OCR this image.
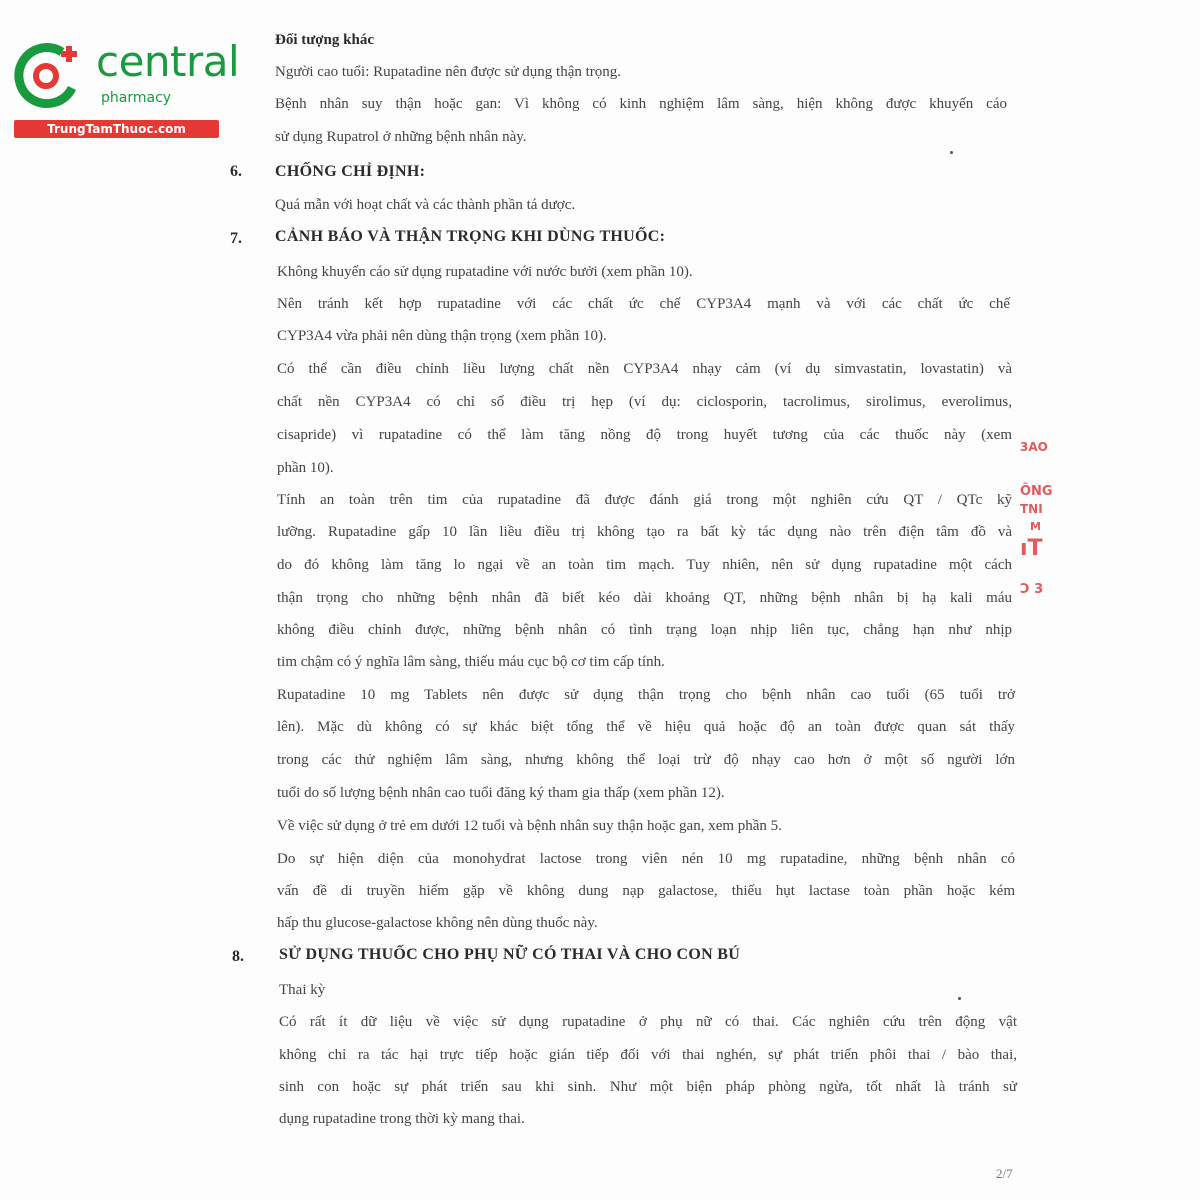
central
pharmacy
TrungTamThuoc.com
Đối tượng khác
Người cao tuổi: Rupatadine nên được sử dụng thận trọng.
Bệnh nhân suy thận hoặc gan: Vì không có kinh nghiệm lâm sàng, hiện không được khuyến cáo
sử dụng Rupatrol ở những bệnh nhân này.
6. CHỐNG CHỈ ĐỊNH:
Quá mẫn với hoạt chất và các thành phần tá dược.
7. CẢNH BÁO VÀ THẬN TRỌNG KHI DÙNG THUỐC:
Không khuyến cáo sử dụng rupatadine với nước bưởi (xem phần 10).
Nên tránh kết hợp rupatadine với các chất ức chế CYP3A4 mạnh và với các chất ức chế
CYP3A4 vừa phải nên dùng thận trọng (xem phần 10).
Có thể cần điều chỉnh liều lượng chất nền CYP3A4 nhạy cảm (ví dụ simvastatin, lovastatin) và
chất nền CYP3A4 có chỉ số điều trị hẹp (ví dụ: ciclosporin, tacrolimus, sirolimus, everolimus,
cisapride) vì rupatadine có thể làm tăng nồng độ trong huyết tương của các thuốc này (xem
phần 10).
Tính an toàn trên tim của rupatadine đã được đánh giá trong một nghiên cứu QT / QTc kỹ
lưỡng. Rupatadine gấp 10 lần liều điều trị không tạo ra bất kỳ tác dụng nào trên điện tâm đồ và
do đó không làm tăng lo ngại về an toàn tim mạch. Tuy nhiên, nên sử dụng rupatadine một cách
thận trọng cho những bệnh nhân đã biết kéo dài khoảng QT, những bệnh nhân bị hạ kali máu
không điều chỉnh được, những bệnh nhân có tình trạng loạn nhịp liên tục, chẳng hạn như nhịp
tim chậm có ý nghĩa lâm sàng, thiếu máu cục bộ cơ tim cấp tính.
Rupatadine 10 mg Tablets nên được sử dụng thận trọng cho bệnh nhân cao tuổi (65 tuổi trở
lên). Mặc dù không có sự khác biệt tổng thể về hiệu quả hoặc độ an toàn được quan sát thấy
trong các thử nghiệm lâm sàng, nhưng không thể loại trừ độ nhạy cao hơn ở một số người lớn
tuổi do số lượng bệnh nhân cao tuổi đăng ký tham gia thấp (xem phần 12).
Về việc sử dụng ở trẻ em dưới 12 tuổi và bệnh nhân suy thận hoặc gan, xem phần 5.
Do sự hiện diện của monohydrat lactose trong viên nén 10 mg rupatadine, những bệnh nhân có
vấn đề di truyền hiếm gặp về không dung nạp galactose, thiếu hụt lactase toàn phần hoặc kém
hấp thu glucose-galactose không nên dùng thuốc này.
8. SỬ DỤNG THUỐC CHO PHỤ NỮ CÓ THAI VÀ CHO CON BÚ
Thai kỳ
Có rất ít dữ liệu về việc sử dụng rupatadine ở phụ nữ có thai. Các nghiên cứu trên động vật
không chỉ ra tác hại trực tiếp hoặc gián tiếp đối với thai nghén, sự phát triển phôi thai / bào thai,
sinh con hoặc sự phát triển sau khi sinh. Như một biện pháp phòng ngừa, tốt nhất là tránh sử
dụng rupatadine trong thời kỳ mang thai.
2/7
3AO
ÔNG
TNI
M
ıT
Ɔ 3
